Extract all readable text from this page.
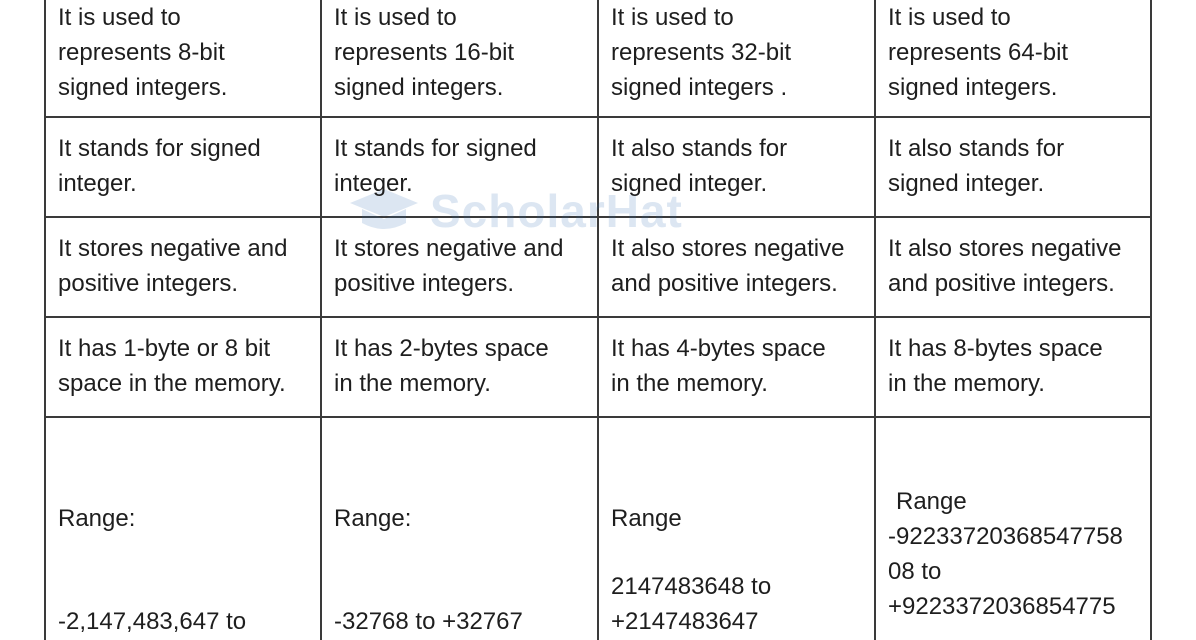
ScholarHat
It is used to
represents 8-bit
signed integers.
It is used to
represents 16-bit
signed integers.
It is used to
represents 32-bit
signed integers .
It is used to
represents 64-bit
signed integers.
It stands for signed
integer.
It stands for signed
integer.
It also stands for
signed integer.
It also stands for
signed integer.
It stores negative and
positive integers.
It stores negative and
positive integers.
It also stores negative
and positive integers.
It also stores negative
and positive integers.
It has 1-byte or 8 bit
space in the memory.
It has 2-bytes space
in the memory.
It has 4-bytes space
in the memory.
It has 8-bytes space
in the memory.
Range:
-2,147,483,647 to
Range:
-32768 to +32767
Range
2147483648 to
+2147483647
Range
-92233720368547758
08 to
+9223372036854775
